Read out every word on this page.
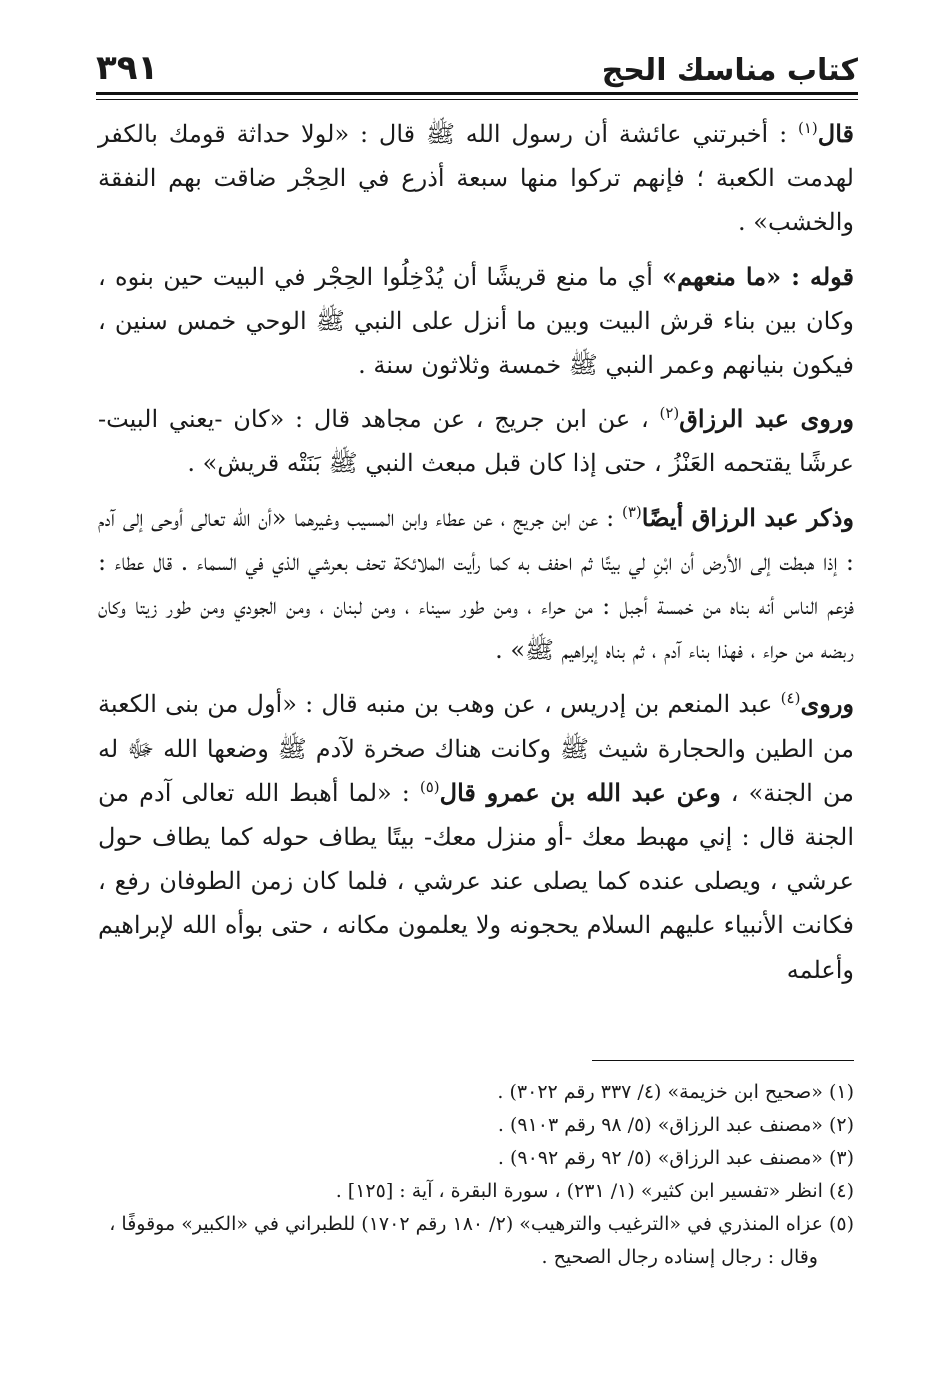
كتاب مناسك الحج
٣٩١

قال$^{(١)}$ : أخبرتني عائشة أن رسول الله ﷺ قال : «لولا حداثة قومك بالكفر لهدمت الكعبة ؛ فإنهم تركوا منها سبعة أذرع في الحِجْر ضاقت بهم النفقة والخشب» .

قوله : «ما منعهم» أي ما منع قريشًا أن يُدْخِلُوا الحِجْر في البيت حين بنوه ، وكان بين بناء قرش البيت وبين ما أنزل على النبي ﷺ الوحي خمس سنين ، فيكون بنيانهم وعمر النبي ﷺ خمسة وثلاثون سنة .

وروى عبد الرزاق$^{(٢)}$ ، عن ابن جريج ، عن مجاهد قال : «كان -يعني البيت- عرشًا يقتحمه العَنْزُ ، حتى إذا كان قبل مبعث النبي ﷺ بَنَتْه قريش» .

وذكر عبد الرزاق أيضًا$^{(٣)}$ : عن ابن جريج ، عن عطاء وابن المسيب وغيرهما «أن الله تعالى أوحى إلى آدم : إذا هبطت إلى الأرض أن ابْنِ لي بيتًا ثم احفف به كما رأيت الملائكة تحف بعرشي الذي في السماء . قال عطاء : فزعم الناس أنه بناه من خمسة أجبل : من حراء ، ومن طور سيناء ، ومن لبنان ، ومن الجودي ومن طور زيتا وكان ربضه من حراء ، فهذا بناء آدم ، ثم بناه إبراهيم ﷺ» .

وروى$^{(٤)}$ عبد المنعم بن إدريس ، عن وهب بن منبه قال : «أول من بنى الكعبة من الطين والحجارة شيث ﷺ وكانت هناك صخرة لآدم ﷺ وضعها الله ﷻ له من الجنة» ، وعن عبد الله بن عمرو قال$^{(٥)}$ : «لما أهبط الله تعالى آدم من الجنة قال : إني مهبط معك -أو منزل معك- بيتًا يطاف حوله كما يطاف حول عرشي ، ويصلى عنده كما يصلى عند عرشي ، فلما كان زمن الطوفان رفع ، فكانت الأنبياء عليهم السلام يحجونه ولا يعلمون مكانه ، حتى بوأه الله لإبراهيم وأعلمه

(١)«صحيح ابن خزيمة» (٤/ ٣٣٧ رقم ٣٠٢٢) .

(٢)«مصنف عبد الرزاق» (٥/ ٩٨ رقم ٩١٠٣) .

(٣)«مصنف عبد الرزاق» (٥/ ٩٢ رقم ٩٠٩٢) .

(٤)انظر «تفسير ابن كثير» (١/ ٢٣١) ، سورة البقرة ، آية : [١٢٥] .

(٥)عزاه المنذري في «الترغيب والترهيب» (٢/ ١٨٠ رقم ١٧٠٢) للطبراني في «الكبير» موقوفًا ،
وقال : رجال إسناده رجال الصحيح .
